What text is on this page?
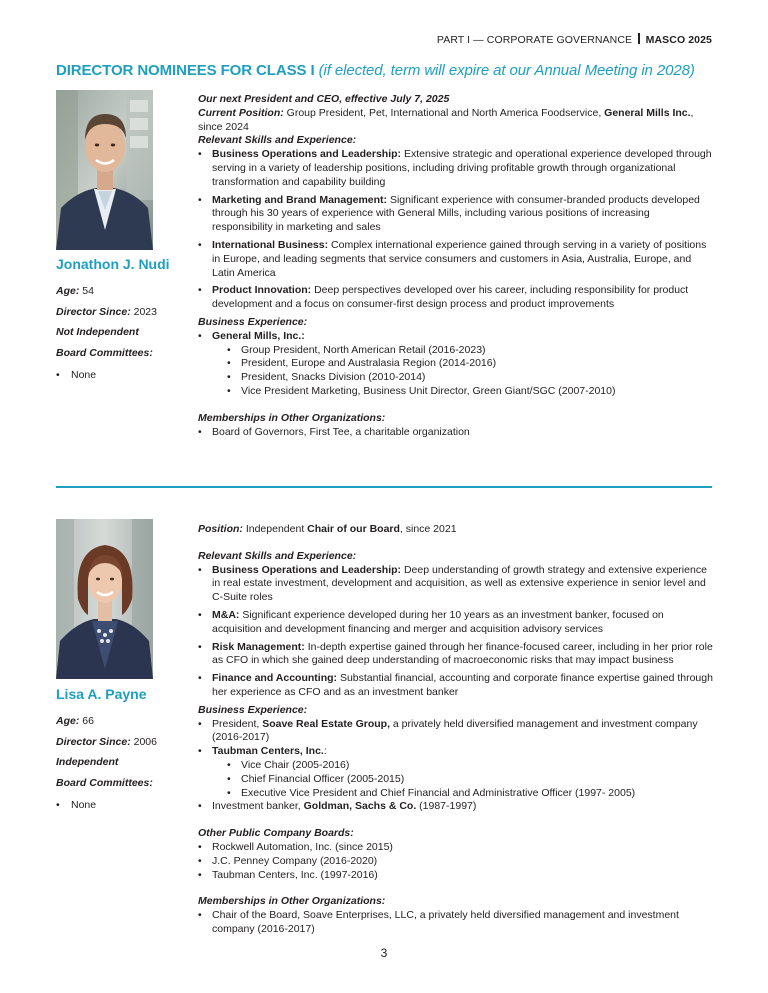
PART I — CORPORATE GOVERNANCE MASCO 2025
DIRECTOR NOMINEES FOR CLASS I (if elected, term will expire at our Annual Meeting in 2028)
Jonathon J. Nudi
Age: 54
Director Since: 2023
Not Independent
Board Committees:
• None

Our next President and CEO, effective July 7, 2025

Current Position: Group President, Pet, International and North America Foodservice, General Mills Inc., since 2024

Relevant Skills and Experience:

• Business Operations and Leadership: Extensive strategic and operational experience developed through serving in a variety of leadership positions, including driving profitable growth through organizational transformation and capability building
• Marketing and Brand Management: Significant experience with consumer-branded products developed through his 30 years of experience with General Mills, including various positions of increasing responsibility in marketing and sales
• International Business: Complex international experience gained through serving in a variety of positions in Europe, and leading segments that service consumers and customers in Asia, Australia, Europe, and Latin America
• Product Innovation: Deep perspectives developed over his career, including responsibility for product development and a focus on consumer-first design process and product improvements

Business Experience:

• General Mills, Inc.:
• Group President, North American Retail (2016-2023)
• President, Europe and Australasia Region (2014-2016)
• President, Snacks Division (2010-2014)
• Vice President Marketing, Business Unit Director, Green Giant/SGC (2007-2010)

Memberships in Other Organizations:

• Board of Governors, First Tee, a charitable organization
Lisa A. Payne
Age: 66
Director Since: 2006
Independent
Board Committees:
• None

Position: Independent Chair of our Board, since 2021

Relevant Skills and Experience:

• Business Operations and Leadership: Deep understanding of growth strategy and extensive experience in real estate investment, development and acquisition, as well as extensive experience in senior level and C-Suite roles
• M&A: Significant experience developed during her 10 years as an investment banker, focused on acquisition and development financing and merger and acquisition advisory services
• Risk Management: In-depth expertise gained through her finance-focused career, including in her prior role as CFO in which she gained deep understanding of macroeconomic risks that may impact business
• Finance and Accounting: Substantial financial, accounting and corporate finance expertise gained through her experience as CFO and as an investment banker

Business Experience:

• President, Soave Real Estate Group, a privately held diversified management and investment company (2016-2017)
• Taubman Centers, Inc.:
• Vice Chair (2005-2016)
• Chief Financial Officer (2005-2015)
• Executive Vice President and Chief Financial and Administrative Officer (1997- 2005)
• Investment banker, Goldman, Sachs & Co. (1987-1997)

Other Public Company Boards:

• Rockwell Automation, Inc. (since 2015)
• J.C. Penney Company (2016-2020)
• Taubman Centers, Inc. (1997-2016)

Memberships in Other Organizations:

• Chair of the Board, Soave Enterprises, LLC, a privately held diversified management and investment company (2016-2017)
3
